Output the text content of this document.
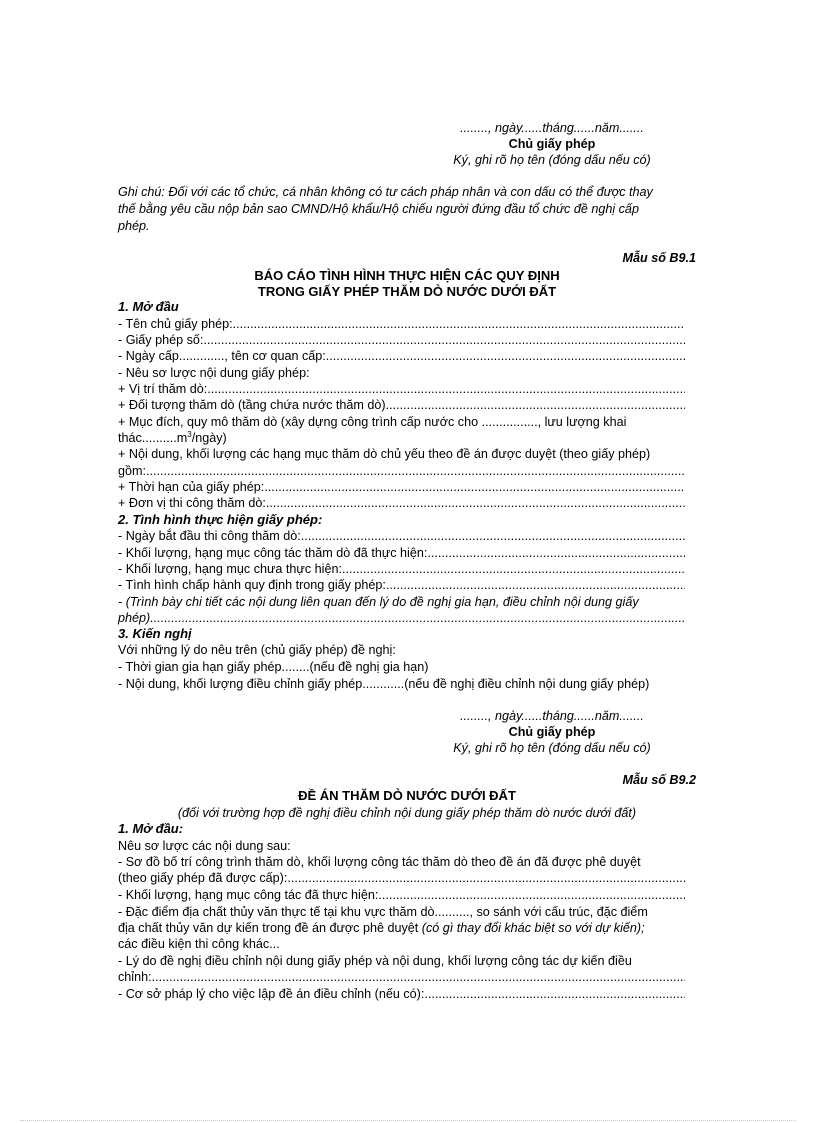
........, ngày......tháng......năm.......
Chủ giấy phép
Ký, ghi rõ họ tên (đóng dấu nếu có)
Ghi chú: Đối với các tổ chức, cá nhân không có tư cách pháp nhân và con dấu có thể được thay
thế bằng yêu cầu nộp bản sao CMND/Hộ khẩu/Hộ chiếu người đứng đầu tổ chức đề nghị cấp
phép.
Mẫu số B9.1
BÁO CÁO TÌNH HÌNH THỰC HIỆN CÁC QUY ĐỊNH
TRONG GIẤY PHÉP THĂM DÒ NƯỚC DƯỚI ĐẤT
1. Mở đầu
- Tên chủ giấy phép:
.....
- Giấy phép số:
.....
- Ngày cấp............., tên cơ quan cấp:
.....
- Nêu sơ lược nội dung giấy phép:
+ Vị trí thăm dò:
.....
+ Đối tượng thăm dò (tầng chứa nước thăm dò)
.....
+ Mục đích, quy mô thăm dò (xây dựng công trình cấp nước cho ................, lưu lượng khai
$thác..........m^3/ngày$)
+ Nội dung, khối lượng các hạng mục thăm dò chủ yếu theo đề án được duyệt (theo giấy phép)
gồm:
.....
+ Thời hạn của giấy phép:
.....
+ Đơn vị thi công thăm dò:
.....
2. Tình hình thực hiện giấy phép:
- Ngày bắt đầu thi công thăm dò:
.....
- Khối lượng, hạng mục công tác thăm dò đã thực hiện:
.....
- Khối lượng, hạng mục chưa thực hiện:
.....
- Tình hình chấp hành quy định trong giấy phép:
.....
- (Trình bày chi tiết các nội dung liên quan đến lý do đề nghị gia hạn, điều chỉnh nội dung giấy
phép)
.....
3. Kiến nghị
Với những lý do nêu trên (chủ giấy phép) đề nghị:
- Thời gian gia hạn giấy phép........(nếu đề nghị gia hạn)
- Nội dung, khối lượng điều chỉnh giấy phép............(nếu đề nghị điều chỉnh nội dung giấy phép)
........, ngày......tháng......năm.......
Chủ giấy phép
Ký, ghi rõ họ tên (đóng dấu nếu có)
Mẫu số B9.2
ĐỀ ÁN THĂM DÒ NƯỚC DƯỚI ĐẤT
(đối với trường hợp đề nghị điều chỉnh nội dung giấy phép thăm dò nước dưới đất)
1. Mở đầu:
Nêu sơ lược các nội dung sau:
- Sơ đồ bố trí công trình thăm dò, khối lượng công tác thăm dò theo đề án đã được phê duyệt
(theo giấy phép đã được cấp):
.....
- Khối lượng, hạng mục công tác đã thực hiện:
.....
- Đặc điểm địa chất thủy văn thực tế tại khu vực thăm dò.........., so sánh với cấu trúc, đặc điểm
địa chất thủy văn dự kiến trong đề án được phê duyệt (có gì thay đổi khác biệt so với dự kiến);
các điều kiện thi công khác...
- Lý do đề nghị điều chỉnh nội dung giấy phép và nội dung, khối lượng công tác dự kiến điều
chỉnh:
.....
- Cơ sở pháp lý cho việc lập đề án điều chỉnh (nếu có):
.....
